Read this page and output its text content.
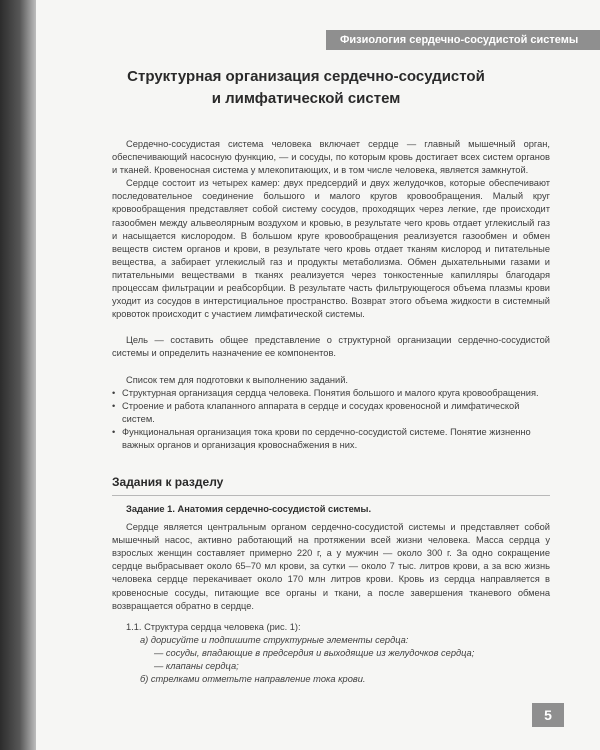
Физиология сердечно-сосудистой системы
Структурная организация сердечно-сосудистой
и лимфатической систем

Сердечно-сосудистая система человека включает сердце — главный мышечный орган, обеспечивающий насосную функцию, — и сосуды, по которым кровь достигает всех систем органов и тканей. Кровеносная система у млекопитающих, и в том числе человека, является замкнутой.

Сердце состоит из четырех камер: двух предсердий и двух желудочков, которые обеспечивают последовательное соединение большого и малого кругов кровообращения. Малый круг кровообращения представляет собой систему сосудов, проходящих через легкие, где происходит газообмен между альвеолярным воздухом и кровью, в результате чего кровь отдает углекислый газ и насыщается кислородом. В большом круге кровообращения реализуется газообмен и обмен веществ систем органов и крови, в результате чего кровь отдает тканям кислород и питательные вещества, а забирает углекислый газ и продукты метаболизма. Обмен дыхательными газами и питательными веществами в тканях реализуется через тонкостенные капилляры благодаря процессам фильтрации и реабсорбции. В результате часть фильтрующегося объема плазмы крови уходит из сосудов в интерстициальное пространство. Возврат этого объема жидкости в системный кровоток происходит с участием лимфатической системы.

Цель — составить общее представление о структурной организации сердечно-сосудистой системы и определить назначение ее компонентов.

Список тем для подготовки к выполнению заданий.

• Структурная организация сердца человека. Понятия большого и малого круга кровообращения.
• Строение и работа клапанного аппарата в сердце и сосудах кровеносной и лимфатической систем.
• Функциональная организация тока крови по сердечно-сосудистой системе. Понятие жизненно важных органов и организация кровоснабжения в них.
Задания к разделу

Задание 1. Анатомия сердечно-сосудистой системы.

Сердце является центральным органом сердечно-сосудистой системы и представляет собой мышечный насос, активно работающий на протяжении всей жизни человека. Масса сердца у взрослых женщин составляет примерно 220 г, а у мужчин — около 300 г. За одно сокращение сердце выбрасывает около 65–70 мл крови, за сутки — около 7 тыс. литров крови, а за всю жизнь человека сердце перекачивает около 170 млн литров крови. Кровь из сердца направляется в кровеносные сосуды, питающие все органы и ткани, а после завершения тканевого обмена возвращается обратно в сердце.

1.1. Структура сердца человека (рис. 1):
а) дорисуйте и подпишите структурные элементы сердца:
— сосуды, впадающие в предсердия и выходящие из желудочков сердца;
— клапаны сердца;
б) стрелками отметьте направление тока крови.
5
